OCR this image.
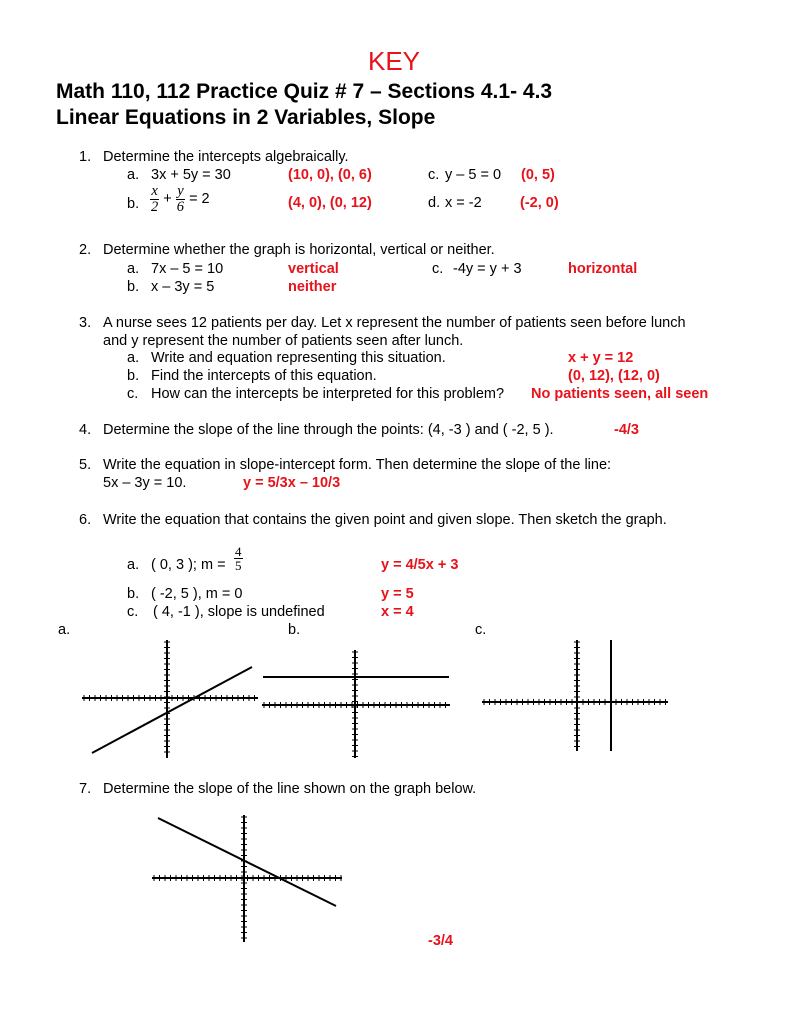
KEY
Math 110, 112 Practice Quiz # 7 – Sections 4.1- 4.3
Linear Equations in 2 Variables, Slope
1. Determine the intercepts algebraically.
a. 3x + 5y = 30	(10, 0), (0, 6)	c. y – 5 = 0 (0, 5)
b. $\frac{x}{2} + \frac{y}{6} = 2$	(4, 0), (0, 12)	d. x = -2	(-2, 0)
2. Determine whether the graph is horizontal, vertical or neither.
a. 7x – 5 = 10	vertical	c. -4y = y + 3	horizontal
b. x – 3y = 5	neither
3. A nurse sees 12 patients per day. Let x represent the number of patients seen before lunch
and y represent the number of patients seen after lunch.
a. Write and equation representing this situation.	x + y = 12
b. Find the intercepts of this equation.	(0, 12), (12, 0)
c. How can the intercepts be interpreted for this problem? No patients seen, all seen
4. Determine the slope of the line through the points: (4, -3 ) and ( -2, 5 ).	-4/3
5. Write the equation in slope-intercept form. Then determine the slope of the line:
5x – 3y = 10.	y = 5/3x – 10/3
6. Write the equation that contains the given point and given slope. Then sketch the graph.
a. ( 0, 3 ); $m = \frac{4}{5}$	y = 4/5x + 3
b. ( -2, 5 ), m = 0	y = 5
c. ( 4, -1 ), slope is undefined	x = 4
a.	b.	c.
7. Determine the slope of the line shown on the graph below.
-3/4
